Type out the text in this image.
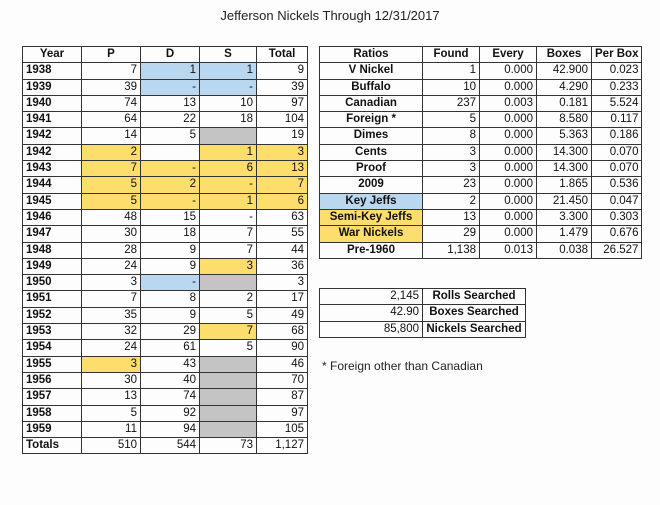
Jefferson Nickels Through 12/31/2017
Year	P	D	S	Total
1938	7	1	1	9
1939	39	-	-	39
1940	74	13	10	97
1941	64	22	18	104
1942	14	5		19
1942	2		1	3
1943	7	-	6	13
1944	5	2	-	7
1945	5	-	1	6
1946	48	15	-	63
1947	30	18	7	55
1948	28	9	7	44
1949	24	9	3	36
1950	3	-		3
1951	7	8	2	17
1952	35	9	5	49
1953	32	29	7	68
1954	24	61	5	90
1955	3	43		46
1956	30	40		70
1957	13	74		87
1958	5	92		97
1959	11	94		105
Totals	510	544	73	1,127
Ratios	Found	Every	Boxes	Per Box
V Nickel	1	0.000	42.900	0.023
Buffalo	10	0.000	4.290	0.233
Canadian	237	0.003	0.181	5.524
Foreign *	5	0.000	8.580	0.117
Dimes	8	0.000	5.363	0.186
Cents	3	0.000	14.300	0.070
Proof	3	0.000	14.300	0.070
2009	23	0.000	1.865	0.536
Key Jeffs	2	0.000	21.450	0.047
Semi-Key Jeffs	13	0.000	3.300	0.303
War Nickels	29	0.000	1.479	0.676
Pre-1960	1,138	0.013	0.038	26.527
2,145	Rolls Searched
42.90	Boxes Searched
85,800	Nickels Searched
* Foreign other than Canadian
